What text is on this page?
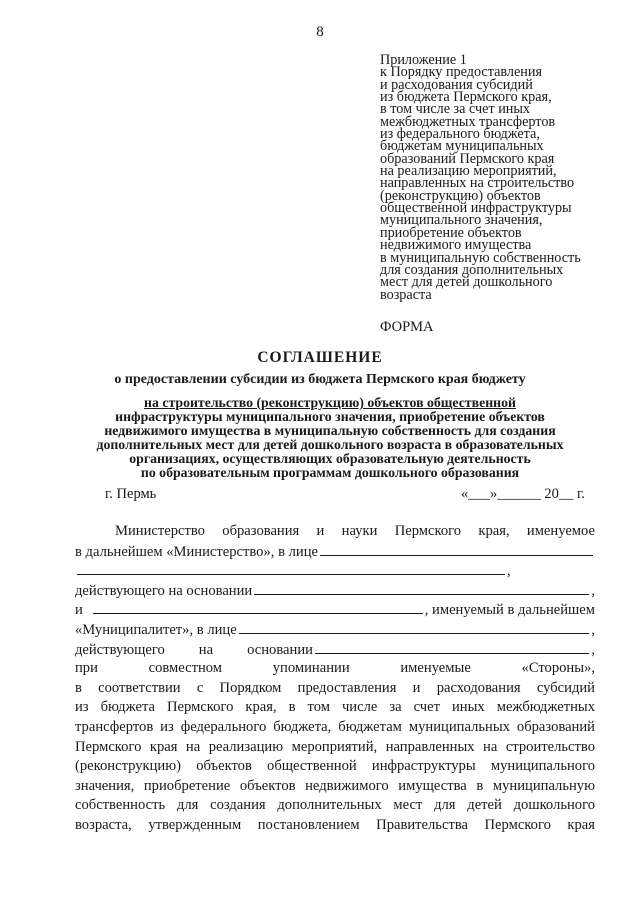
8
Приложение 1
к Порядку предоставления
и расходования субсидий
из бюджета Пермского края,
в том числе за счет иных
межбюджетных трансфертов
из федерального бюджета,
бюджетам муниципальных
образований Пермского края
на реализацию мероприятий,
направленных на строительство
(реконструкцию) объектов
общественной инфраструктуры
муниципального значения,
приобретение объектов
недвижимого имущества
в муниципальную собственность
для создания дополнительных
мест для детей дошкольного
возраста
ФОРМА
СОГЛАШЕНИЕ
о предоставлении субсидии из бюджета Пермского края бюджету
на строительство (реконструкцию) объектов общественной
инфраструктуры муниципального значения, приобретение объектов
недвижимого имущества в муниципальную собственность для создания
дополнительных мест для детей дошкольного возраста в образовательных
организациях, осуществляющих образовательную деятельность
по образовательным программам дошкольного образования
г. Пермь	«___»______ 20__ г.
Министерство образования и науки Пермского края, именуемое
в дальнейшем «Министерство», в лице
,
действующего на основании	,
и	, именуемый в дальнейшем
«Муниципалитет», в лице	,
действующего на основании	,
при совместном упоминании именуемые «Стороны»,
в соответствии с Порядком предоставления и расходования субсидий
из бюджета Пермского края, в том числе за счет иных межбюджетных
трансфертов из федерального бюджета, бюджетам муниципальных образований
Пермского края на реализацию мероприятий, направленных на строительство
(реконструкцию) объектов общественной инфраструктуры муниципального
значения, приобретение объектов недвижимого имущества в муниципальную
собственность для создания дополнительных мест для детей дошкольного
возраста, утвержденным постановлением Правительства Пермского края
